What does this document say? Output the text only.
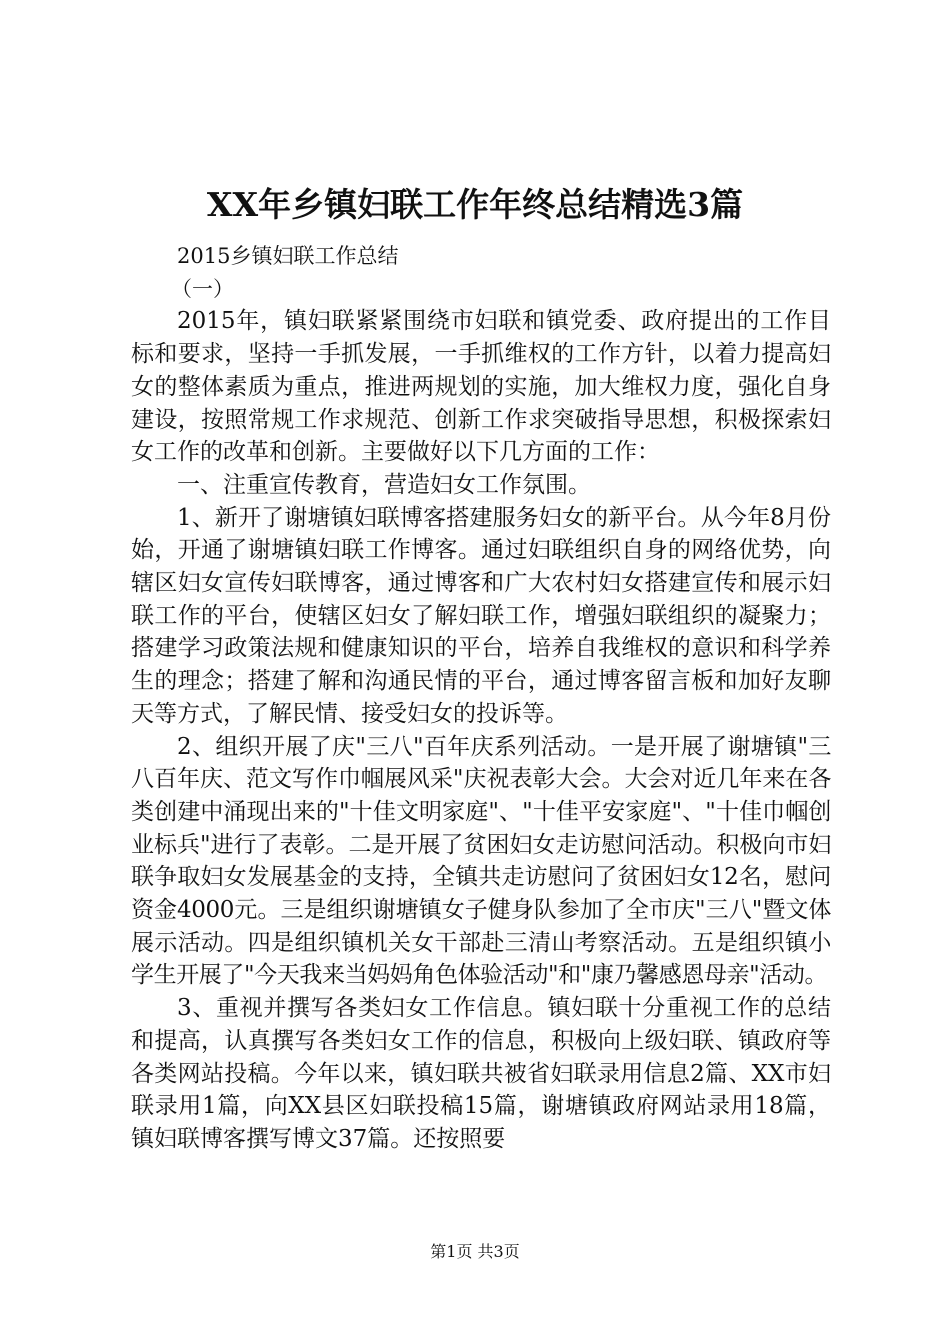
XX年乡镇妇联工作年终总结精选3篇

2015乡镇妇联工作总结

（一）

2015年，镇妇联紧紧围绕市妇联和镇党委、政府提出的工作目标和要求，坚持一手抓发展，一手抓维权的工作方针，以着力提高妇女的整体素质为重点，推进两规划的实施，加大维权力度，强化自身建设，按照常规工作求规范、创新工作求突破指导思想，积极探索妇女工作的改革和创新。主要做好以下几方面的工作：

一、注重宣传教育，营造妇女工作氛围。

1、新开了谢塘镇妇联博客搭建服务妇女的新平台。从今年8月份始，开通了谢塘镇妇联工作博客。通过妇联组织自身的网络优势，向辖区妇女宣传妇联博客，通过博客和广大农村妇女搭建宣传和展示妇联工作的平台，使辖区妇女了解妇联工作，增强妇联组织的凝聚力；搭建学习政策法规和健康知识的平台，培养自我维权的意识和科学养生的理念；搭建了解和沟通民情的平台，通过博客留言板和加好友聊天等方式，了解民情、接受妇女的投诉等。

2、组织开展了庆"三八"百年庆系列活动。一是开展了谢塘镇"三八百年庆、范文写作巾帼展风采"庆祝表彰大会。大会对近几年来在各类创建中涌现出来的"十佳文明家庭"、"十佳平安家庭"、"十佳巾帼创业标兵"进行了表彰。二是开展了贫困妇女走访慰问活动。积极向市妇联争取妇女发展基金的支持，全镇共走访慰问了贫困妇女12名，慰问资金4000元。三是组织谢塘镇女子健身队参加了全市庆"三八"暨文体展示活动。四是组织镇机关女干部赴三清山考察活动。五是组织镇小学生开展了"今天我来当妈妈角色体验活动"和"康乃馨感恩母亲"活动。

3、重视并撰写各类妇女工作信息。镇妇联十分重视工作的总结和提高，认真撰写各类妇女工作的信息，积极向上级妇联、镇政府等各类网站投稿。今年以来，镇妇联共被省妇联录用信息2篇、XX市妇联录用1篇，向XX县区妇联投稿15篇，谢塘镇政府网站录用18篇，镇妇联博客撰写博文37篇。还按照要

第1页 共3页
